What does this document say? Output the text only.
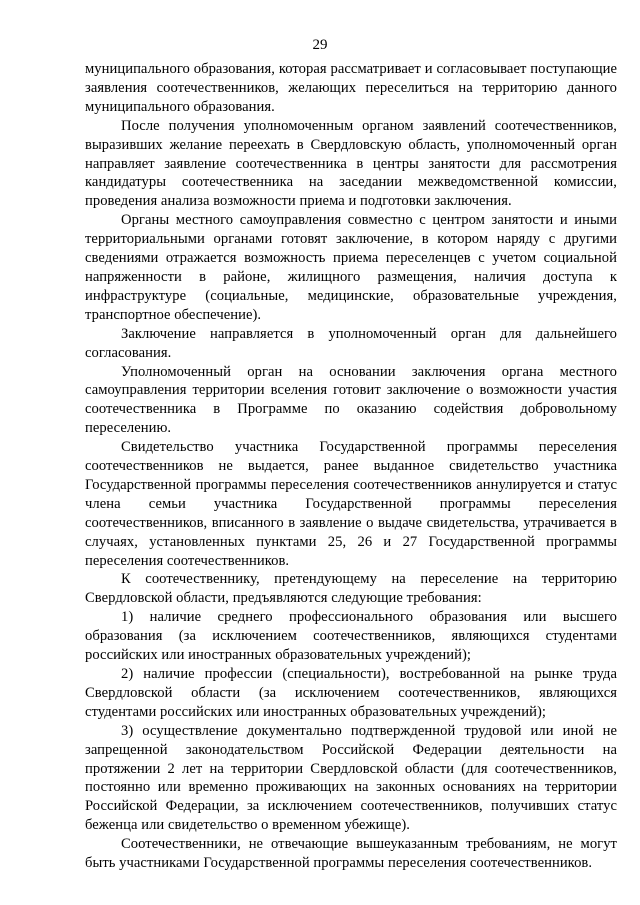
29

муниципального образования, которая рассматривает и согласовывает поступающие заявления соотечественников, желающих переселиться на территорию данного муниципального образования.

После получения уполномоченным органом заявлений соотечественников, выразивших желание переехать в Свердловскую область, уполномоченный орган направляет заявление соотечественника в центры занятости для рассмотрения кандидатуры соотечественника на заседании межведомственной комиссии, проведения анализа возможности приема и подготовки заключения.

Органы местного самоуправления совместно с центром занятости и иными территориальными органами готовят заключение, в котором наряду с другими сведениями отражается возможность приема переселенцев с учетом социальной напряженности в районе, жилищного размещения, наличия доступа к инфраструктуре (социальные, медицинские, образовательные учреждения, транспортное обеспечение).

Заключение направляется в уполномоченный орган для дальнейшего согласования.

Уполномоченный орган на основании заключения органа местного самоуправления территории вселения готовит заключение о возможности участия соотечественника в Программе по оказанию содействия добровольному переселению.

Свидетельство участника Государственной программы переселения соотечественников не выдается, ранее выданное свидетельство участника Государственной программы переселения соотечественников аннулируется и статус члена семьи участника Государственной программы переселения соотечественников, вписанного в заявление о выдаче свидетельства, утрачивается в случаях, установленных пунктами 25, 26 и 27 Государственной программы переселения соотечественников.

К соотечественнику, претендующему на переселение на территорию Свердловской области, предъявляются следующие требования:

1) наличие среднего профессионального образования или высшего образования (за исключением соотечественников, являющихся студентами российских или иностранных образовательных учреждений);

2) наличие профессии (специальности), востребованной на рынке труда Свердловской области (за исключением соотечественников, являющихся студентами российских или иностранных образовательных учреждений);

3) осуществление документально подтвержденной трудовой или иной не запрещенной законодательством Российской Федерации деятельности на протяжении 2 лет на территории Свердловской области (для соотечественников, постоянно или временно проживающих на законных основаниях на территории Российской Федерации, за исключением соотечественников, получивших статус беженца или свидетельство о временном убежище).

Соотечественники, не отвечающие вышеуказанным требованиям, не могут быть участниками Государственной программы переселения соотечественников.
